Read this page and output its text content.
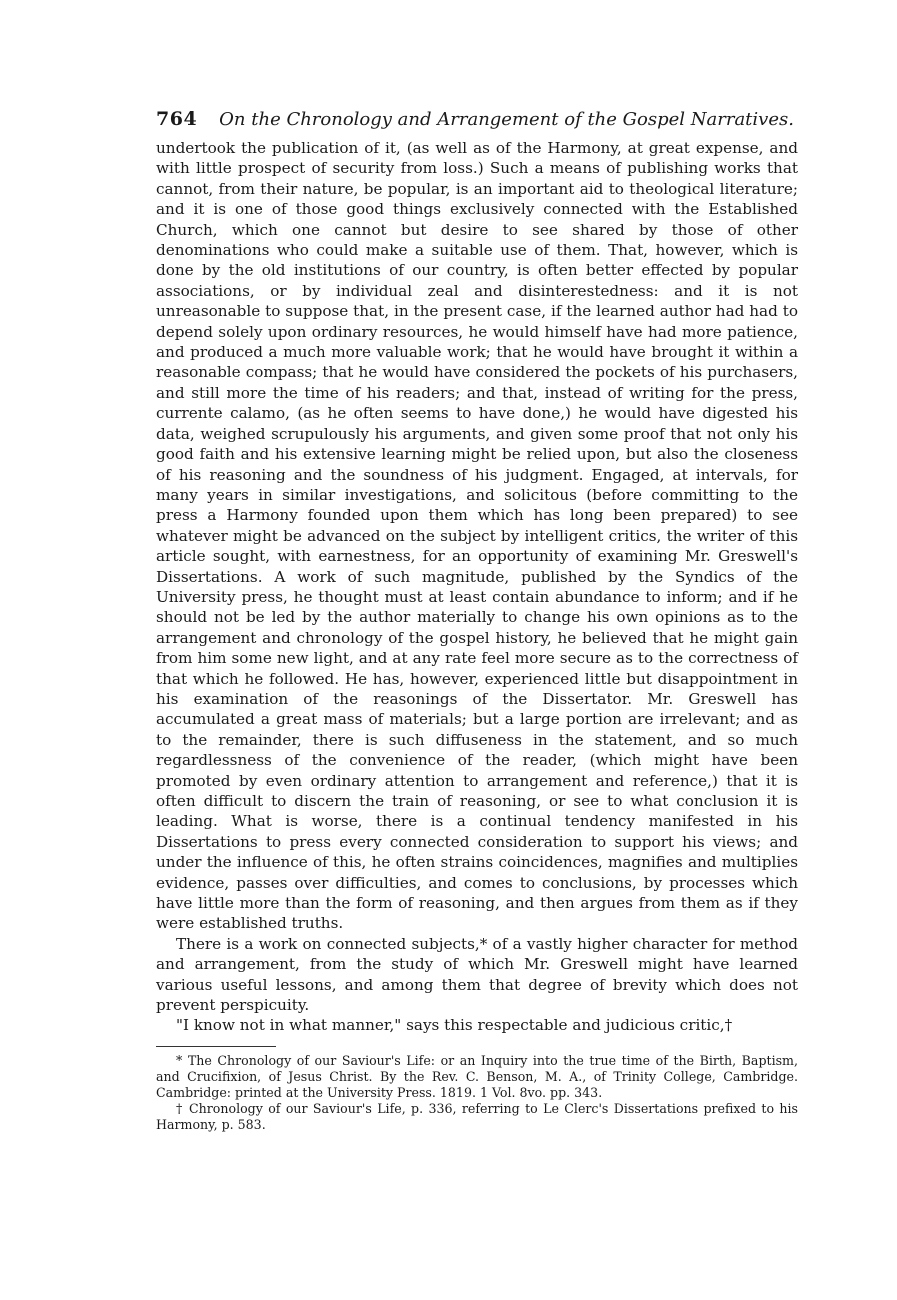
764 On the Chronology and Arrangement of the Gospel Narratives.

undertook the publication of it, (as well as of the Harmony, at great expense, and with little prospect of security from loss.) Such a means of publishing works that cannot, from their nature, be popular, is an important aid to theological literature; and it is one of those good things exclusively connected with the Established Church, which one cannot but desire to see shared by those of other denominations who could make a suitable use of them. That, however, which is done by the old institutions of our country, is often better effected by popular associations, or by individual zeal and disinterestedness: and it is not unreasonable to suppose that, in the present case, if the learned author had had to depend solely upon ordinary resources, he would himself have had more patience, and produced a much more valuable work; that he would have brought it within a reasonable compass; that he would have considered the pockets of his purchasers, and still more the time of his readers; and that, instead of writing for the press, currente calamo, (as he often seems to have done,) he would have digested his data, weighed scrupulously his arguments, and given some proof that not only his good faith and his extensive learning might be relied upon, but also the closeness of his reasoning and the soundness of his judgment. Engaged, at intervals, for many years in similar investigations, and solicitous (before committing to the press a Harmony founded upon them which has long been prepared) to see whatever might be advanced on the subject by intelligent critics, the writer of this article sought, with earnestness, for an opportunity of examining Mr. Greswell's Dissertations. A work of such magnitude, published by the Syndics of the University press, he thought must at least contain abundance to inform; and if he should not be led by the author materially to change his own opinions as to the arrangement and chronology of the gospel history, he believed that he might gain from him some new light, and at any rate feel more secure as to the correctness of that which he followed. He has, however, experienced little but disappointment in his examination of the reasonings of the Dissertator. Mr. Greswell has accumulated a great mass of materials; but a large portion are irrelevant; and as to the remainder, there is such diffuseness in the statement, and so much regardlessness of the convenience of the reader, (which might have been promoted by even ordinary attention to arrangement and reference,) that it is often difficult to discern the train of reasoning, or see to what conclusion it is leading. What is worse, there is a continual tendency manifested in his Dissertations to press every connected consideration to support his views; and under the influence of this, he often strains coincidences, magnifies and multiplies evidence, passes over difficulties, and comes to conclusions, by processes which have little more than the form of reasoning, and then argues from them as if they were established truths.

There is a work on connected subjects,* of a vastly higher character for method and arrangement, from the study of which Mr. Greswell might have learned various useful lessons, and among them that degree of brevity which does not prevent perspicuity.

"I know not in what manner," says this respectable and judicious critic,†

* The Chronology of our Saviour's Life: or an Inquiry into the true time of the Birth, Baptism, and Crucifixion, of Jesus Christ. By the Rev. C. Benson, M. A., of Trinity College, Cambridge. Cambridge: printed at the University Press. 1819. 1 Vol. 8vo. pp. 343.

† Chronology of our Saviour's Life, p. 336, referring to Le Clerc's Dissertations prefixed to his Harmony, p. 583.
